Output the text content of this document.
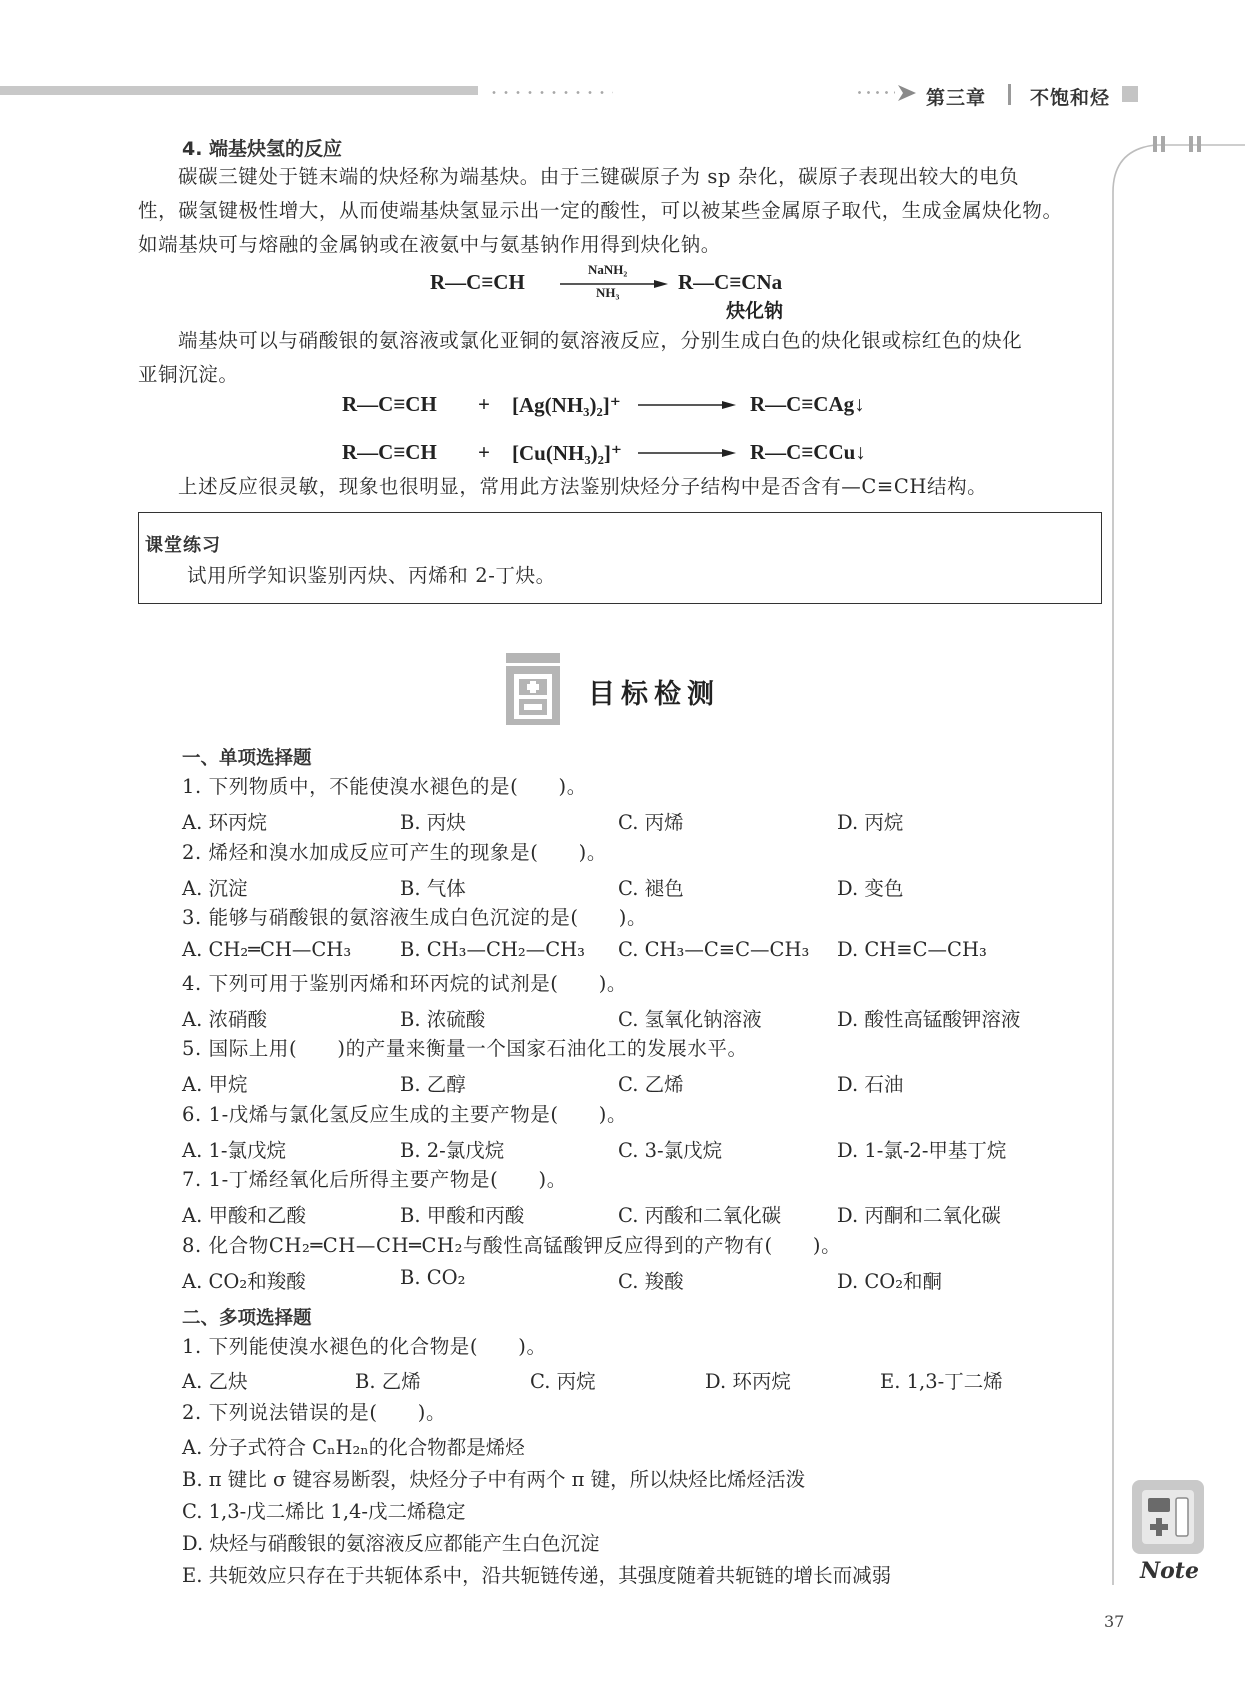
第三章 不饱和烃
4. 端基炔氢的反应
碳碳三键处于链末端的炔烃称为端基炔。由于三键碳原子为 sp 杂化，碳原子表现出较大的电负
性，碳氢键极性增大，从而使端基炔氢显示出一定的酸性，可以被某些金属原子取代，生成金属炔化物。
如端基炔可与熔融的金属钠或在液氨中与氨基钠作用得到炔化钠。
R—C≡CH
NaNH₂
NH₃	R—C≡CNa
炔化钠
端基炔可以与硝酸银的氨溶液或氯化亚铜的氨溶液反应，分别生成白色的炔化银或棕红色的炔化
亚铜沉淀。
R—C≡CH + [Ag(NH₃)₂]⁺	R—C≡CAg↓
R—C≡CH + [Cu(NH₃)₂]⁺	R—C≡CCu↓
上述反应很灵敏，现象也很明显，常用此方法鉴别炔烃分子结构中是否含有—C≡CH结构。
课堂练习
试用所学知识鉴别丙炔、丙烯和 2-丁炔。
目标检测
一、单项选择题
1. 下列物质中，不能使溴水褪色的是(　　)。
A. 环丙烷	B. 丙炔	C. 丙烯	D. 丙烷
2. 烯烃和溴水加成反应可产生的现象是(　　)。
A. 沉淀	B. 气体	C. 褪色	D. 变色
3. 能够与硝酸银的氨溶液生成白色沉淀的是(　　)。
A. CH₂═CH—CH₃	B. CH₃—CH₂—CH₃ C. CH₃—C≡C—CH₃ D. CH≡C—CH₃
4. 下列可用于鉴别丙烯和环丙烷的试剂是(　　)。
A. 浓硝酸	B. 浓硫酸	C. 氢氧化钠溶液	D. 酸性高锰酸钾溶液
5. 国际上用(　　)的产量来衡量一个国家石油化工的发展水平。
A. 甲烷	B. 乙醇	C. 乙烯	D. 石油
6. 1-戊烯与氯化氢反应生成的主要产物是(　　)。
A. 1-氯戊烷	B. 2-氯戊烷	C. 3-氯戊烷	D. 1-氯-2-甲基丁烷
7. 1-丁烯经氧化后所得主要产物是(　　)。
A. 甲酸和乙酸	B. 甲酸和丙酸	C. 丙酸和二氧化碳	D. 丙酮和二氧化碳
8. 化合物CH₂═CH—CH═CH₂与酸性高锰酸钾反应得到的产物有(　　)。
A. CO₂和羧酸	B. CO₂	C. 羧酸	D. CO₂和酮
二、多项选择题
1. 下列能使溴水褪色的化合物是(　　)。
A. 乙炔	B. 乙烯	C. 丙烷	D. 环丙烷	E. 1,3-丁二烯
2. 下列说法错误的是(　　)。
A. 分子式符合 CₙH₂ₙ的化合物都是烯烃
B. π 键比 σ 键容易断裂，炔烃分子中有两个 π 键，所以炔烃比烯烃活泼
C. 1,3-戊二烯比 1,4-戊二烯稳定
D. 炔烃与硝酸银的氨溶液反应都能产生白色沉淀
E. 共轭效应只存在于共轭体系中，沿共轭链传递，其强度随着共轭链的增长而减弱	Note
37
